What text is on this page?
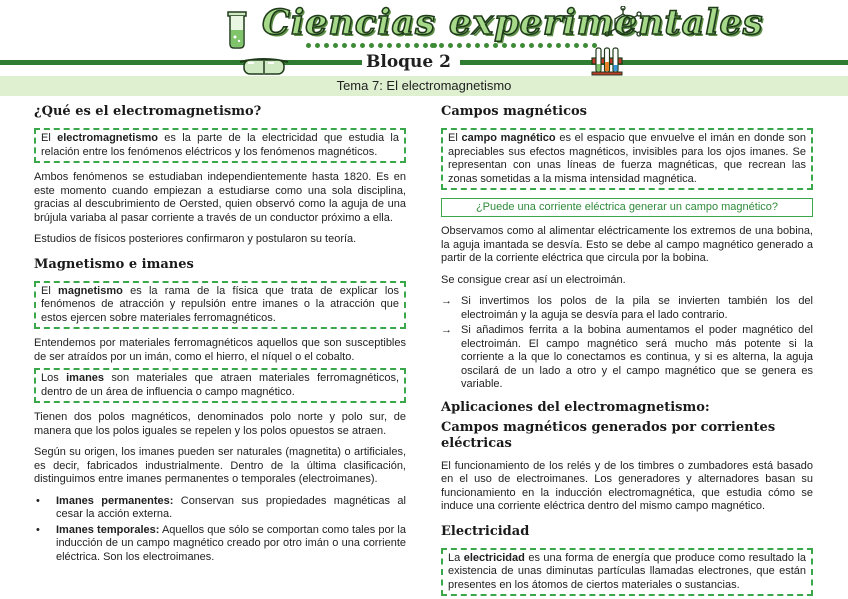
Ciencias experimentales
Bloque 2
Tema 7: El electromagnetismo
¿Qué es el electromagnetismo?

El electromagnetismo es la parte de la electricidad que estudia la relación entre los fenómenos eléctricos y los fenómenos magnéticos.

Ambos fenómenos se estudiaban independientemente hasta 1820. Es en este momento cuando empiezan a estudiarse como una sola disciplina, gracias al descubrimiento de Oersted, quien observó como la aguja de una brújula variaba al pasar corriente a través de un conductor próximo a ella.

Estudios de físicos posteriores confirmaron y postularon su teoría.

Magnetismo e imanes

El magnetismo es la rama de la física que trata de explicar los fenómenos de atracción y repulsión entre imanes o la atracción que estos ejercen sobre materiales ferromagnéticos.

Entendemos por materiales ferromagnéticos aquellos que son susceptibles de ser atraídos por un imán, como el hierro, el níquel o el cobalto.

Los imanes son materiales que atraen materiales ferromagnéticos, dentro de un área de influencia o campo magnético.

Tienen dos polos magnéticos, denominados polo norte y polo sur, de manera que los polos iguales se repelen y los polos opuestos se atraen.

Según su origen, los imanes pueden ser naturales (magnetita) o artificiales, es decir, fabricados industrialmente. Dentro de la última clasificación, distinguimos entre imanes permanentes o temporales (electroimanes).

• Imanes permanentes: Conservan sus propiedades magnéticas al cesar la acción externa.
• Imanes temporales: Aquellos que sólo se comportan como tales por la inducción de un campo magnético creado por otro imán o una corriente eléctrica. Son los electroimanes.
Campos magnéticos

El campo magnético es el espacio que envuelve el imán en donde son apreciables sus efectos magnéticos, invisibles para los ojos imanes. Se representan con unas líneas de fuerza magnéticas, que recrean las zonas sometidas a la misma intensidad magnética.

¿Puede una corriente eléctrica generar un campo magnético?

Observamos como al alimentar eléctricamente los extremos de una bobina, la aguja imantada se desvía. Esto se debe al campo magnético generado a partir de la corriente eléctrica que circula por la bobina.

Se consigue crear así un electroimán.

→ Si invertimos los polos de la pila se invierten también los del electroimán y la aguja se desvía para el lado contrario.
→ Si añadimos ferrita a la bobina aumentamos el poder magnético del electroimán. El campo magnético será mucho más potente si la corriente a la que lo conectamos es continua, y si es alterna, la aguja oscilará de un lado a otro y el campo magnético que se genera es variable.
Aplicaciones del electromagnetismo:
Campos magnéticos generados por corrientes eléctricas

El funcionamiento de los relés y de los timbres o zumbadores está basado en el uso de electroimanes. Los generadores y alternadores basan su funcionamiento en la inducción electromagnética, que estudia cómo se induce una corriente eléctrica dentro del mismo campo magnético.

Electricidad

La electricidad es una forma de energía que produce como resultado la existencia de unas diminutas partículas llamadas electrones, que están presentes en los átomos de ciertos materiales o sustancias.
